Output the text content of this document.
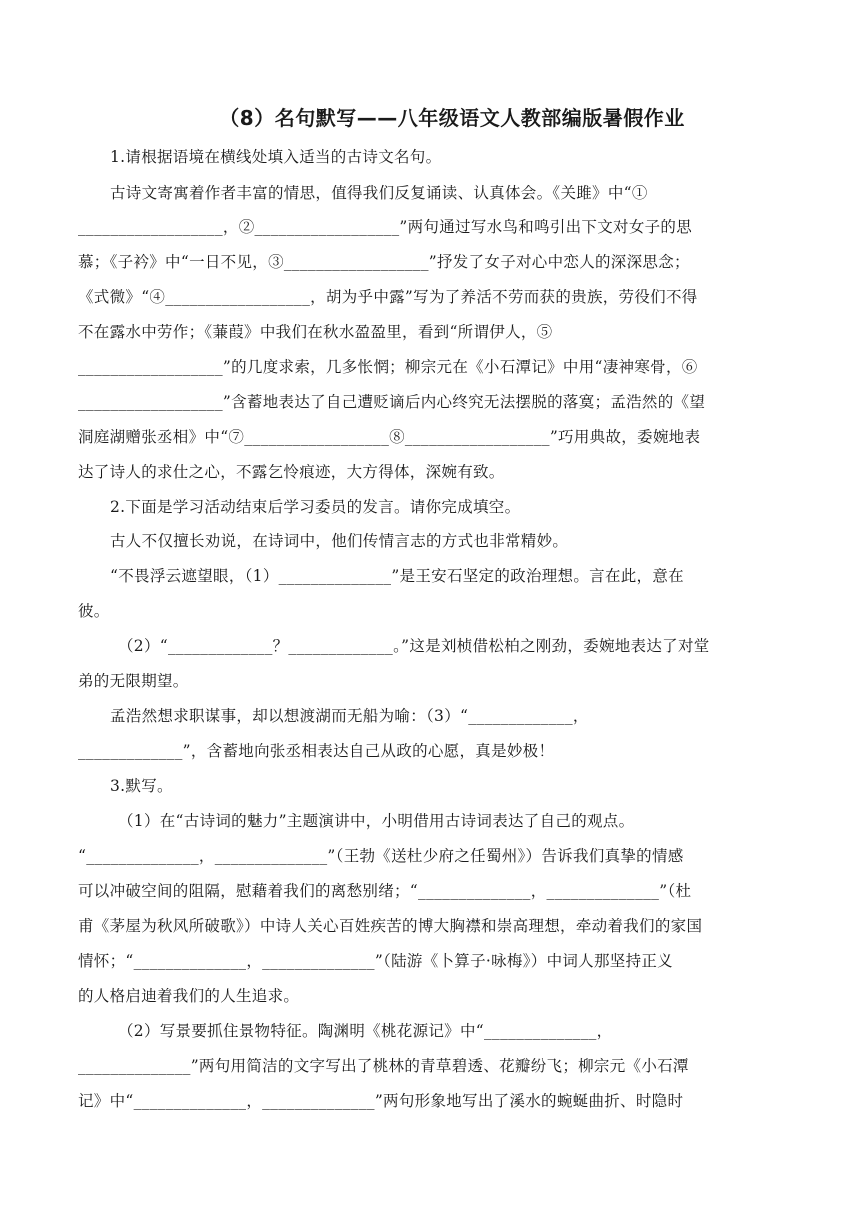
（8）名句默写——八年级语文人教部编版暑假作业
1.请根据语境在横线处填入适当的古诗文名句。
古诗文寄寓着作者丰富的情思，值得我们反复诵读、认真体会。《关雎》中“①
__________________，②__________________”两句通过写水鸟和鸣引出下文对女子的思
慕；《子衿》中“一日不见，③__________________”抒发了女子对心中恋人的深深思念；
《式微》“④__________________，胡为乎中露”写为了养活不劳而获的贵族，劳役们不得
不在露水中劳作；《蒹葭》中我们在秋水盈盈里，看到“所谓伊人，⑤
__________________”的几度求索，几多怅惘；柳宗元在《小石潭记》中用“凄神寒骨，⑥
__________________”含蓄地表达了自己遭贬谪后内心终究无法摆脱的落寞；孟浩然的《望
洞庭湖赠张丞相》中“⑦__________________⑧__________________”巧用典故，委婉地表
达了诗人的求仕之心，不露乞怜痕迹，大方得体，深婉有致。
2.下面是学习活动结束后学习委员的发言。请你完成填空。
古人不仅擅长劝说，在诗词中，他们传情言志的方式也非常精妙。
“不畏浮云遮望眼，（1）______________”是王安石坚定的政治理想。言在此，意在
彼。
（2）“_____________？_____________。”这是刘桢借松柏之刚劲，委婉地表达了对堂
弟的无限期望。
孟浩然想求职谋事，却以想渡湖而无船为喻：（3）“_____________，
_____________”，含蓄地向张丞相表达自己从政的心愿，真是妙极！
3.默写。
（1）在“古诗词的魅力”主题演讲中，小明借用古诗词表达了自己的观点。
“______________，______________”（王勃《送杜少府之任蜀州》）告诉我们真挚的情感
可以冲破空间的阻隔，慰藉着我们的离愁别绪；“______________，______________”（杜
甫《茅屋为秋风所破歌》）中诗人关心百姓疾苦的博大胸襟和崇高理想，牵动着我们的家国
情怀；“______________，______________”（陆游《卜算子·咏梅》）中词人那坚持正义
的人格启迪着我们的人生追求。
（2）写景要抓住景物特征。陶渊明《桃花源记》中“______________，
______________”两句用简洁的文字写出了桃林的青草碧透、花瓣纷飞；柳宗元《小石潭
记》中“______________，______________”两句形象地写出了溪水的蜿蜒曲折、时隐时
